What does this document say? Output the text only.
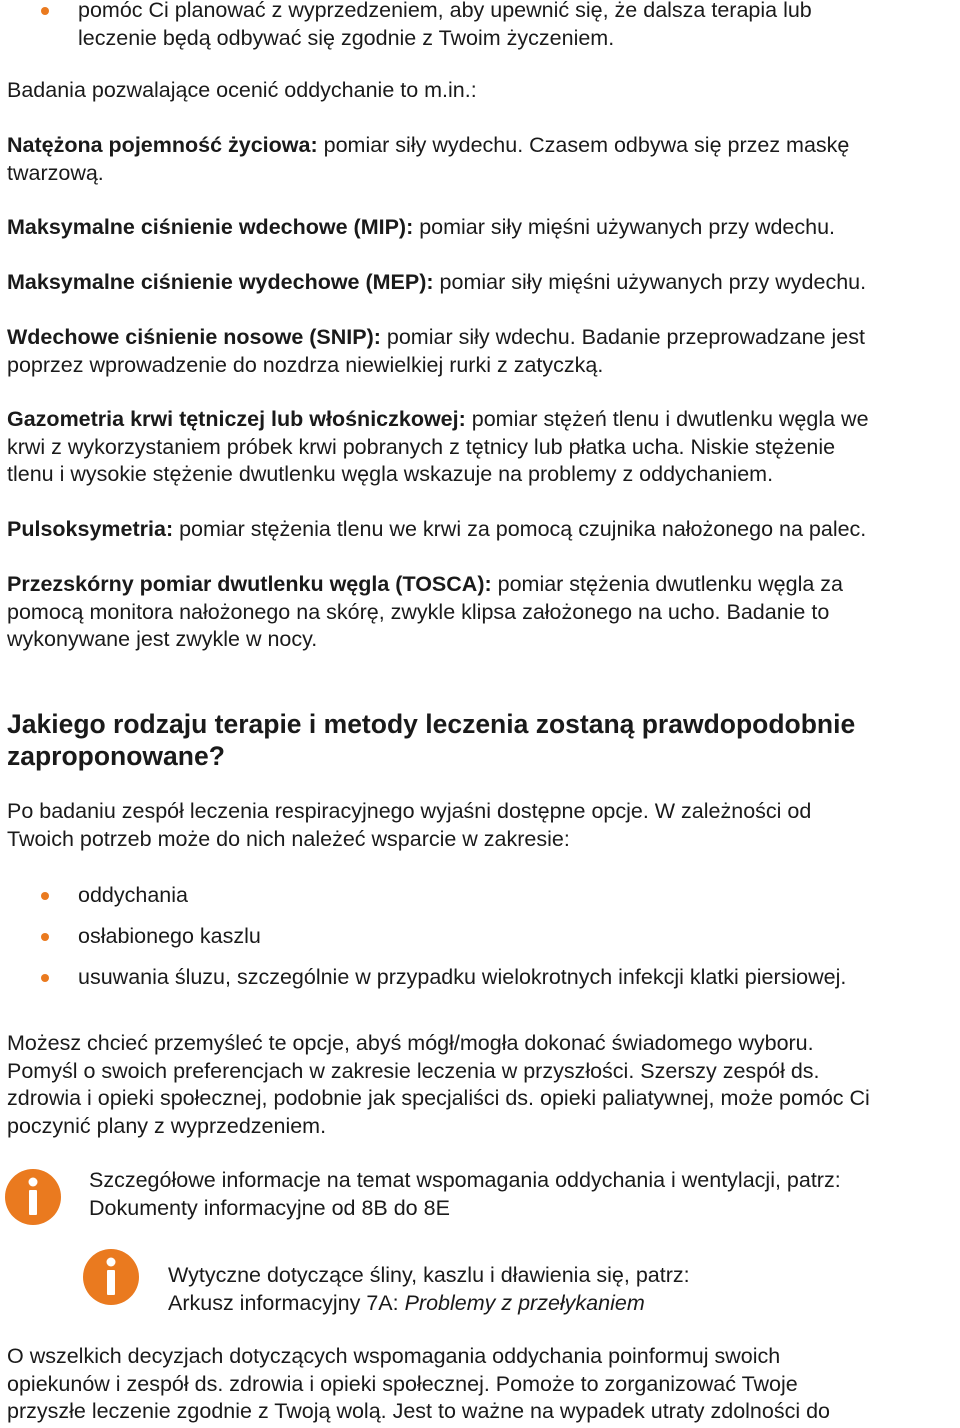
pomóc Ci planować z wyprzedzeniem, aby upewnić się, że dalsza terapia lub
leczenie będą odbywać się zgodnie z Twoim życzeniem.

Badania pozwalające ocenić oddychanie to m.in.:

Natężona pojemność życiowa: pomiar siły wydechu. Czasem odbywa się przez maskę
twarzową.
Maksymalne ciśnienie wdechowe (MIP): pomiar siły mięśni używanych przy wdechu.
Maksymalne ciśnienie wydechowe (MEP): pomiar siły mięśni używanych przy wydechu.
Wdechowe ciśnienie nosowe (SNIP): pomiar siły wdechu. Badanie przeprowadzane jest
poprzez wprowadzenie do nozdrza niewielkiej rurki z zatyczką.
Gazometria krwi tętniczej lub włośniczkowej: pomiar stężeń tlenu i dwutlenku węgla we
krwi z wykorzystaniem próbek krwi pobranych z tętnicy lub płatka ucha. Niskie stężenie
tlenu i wysokie stężenie dwutlenku węgla wskazuje na problemy z oddychaniem.
Pulsoksymetria: pomiar stężenia tlenu we krwi za pomocą czujnika nałożonego na palec.
Przezskórny pomiar dwutlenku węgla (TOSCA): pomiar stężenia dwutlenku węgla za
pomocą monitora nałożonego na skórę, zwykle klipsa założonego na ucho. Badanie to
wykonywane jest zwykle w nocy.
Jakiego rodzaju terapie i metody leczenia zostaną prawdopodobnie
zaproponowane?
Po badaniu zespół leczenia respiracyjnego wyjaśni dostępne opcje. W zależności od
Twoich potrzeb może do nich należeć wsparcie w zakresie:
oddychania
osłabionego kaszlu
usuwania śluzu, szczególnie w przypadku wielokrotnych infekcji klatki piersiowej.
Możesz chcieć przemyśleć te opcje, abyś mógł/mogła dokonać świadomego wyboru.
Pomyśl o swoich preferencjach w zakresie leczenia w przyszłości. Szerszy zespół ds.
zdrowia i opieki społecznej, podobnie jak specjaliści ds. opieki paliatywnej, może pomóc Ci
poczynić plany z wyprzedzeniem.
Szczegółowe informacje na temat wspomagania oddychania i wentylacji, patrz:
Dokumenty informacyjne od 8B do 8E
Wytyczne dotyczące śliny, kaszlu i dławienia się, patrz:
Arkusz informacyjny 7A: Problemy z przełykaniem
O wszelkich decyzjach dotyczących wspomagania oddychania poinformuj swoich
opiekunów i zespół ds. zdrowia i opieki społecznej. Pomoże to zorganizować Twoje
przyszłe leczenie zgodnie z Twoją wolą. Jest to ważne na wypadek utraty zdolności do
